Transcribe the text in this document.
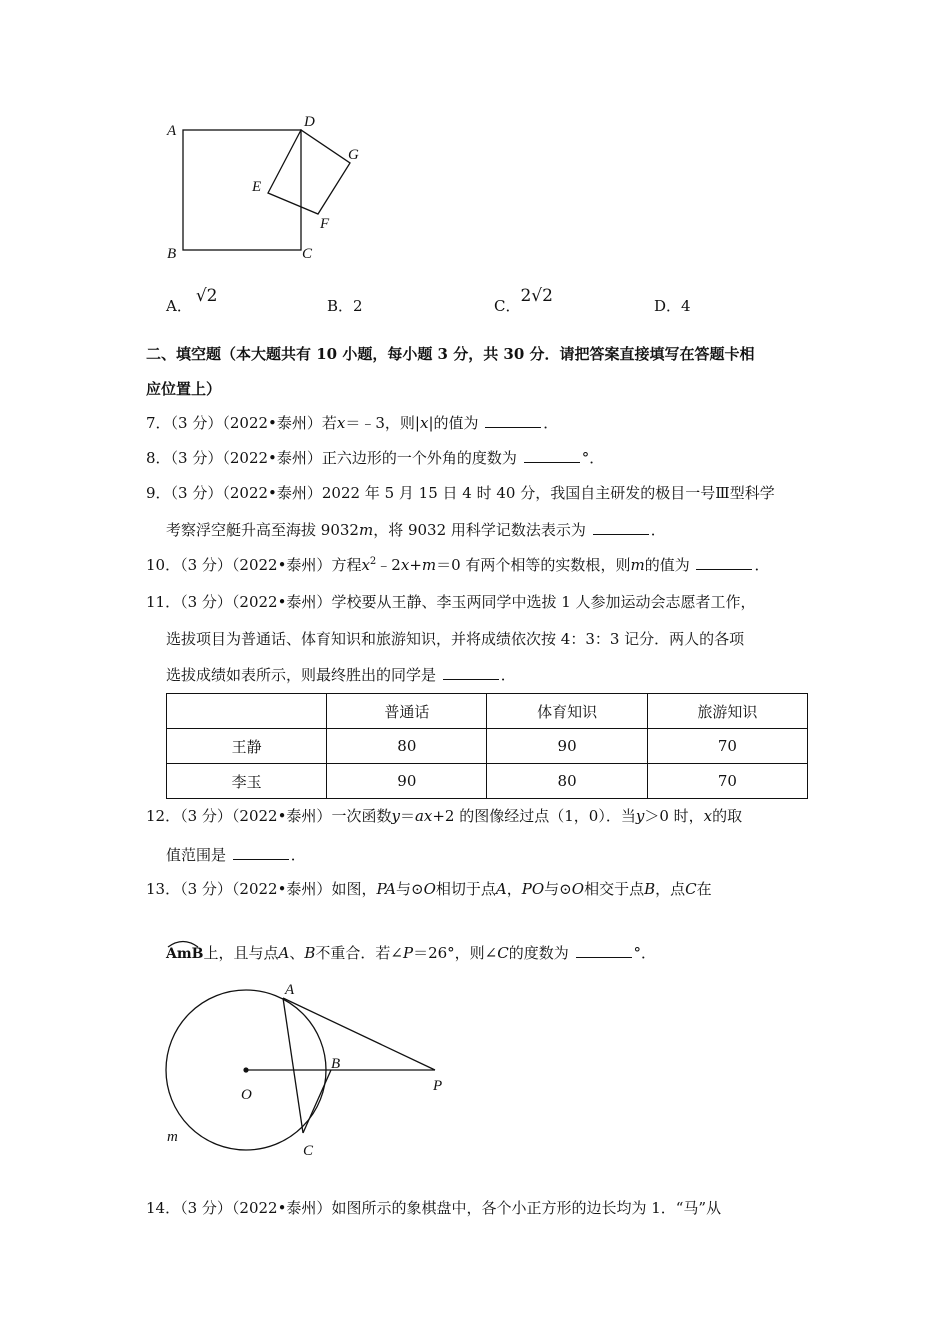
A
D
G
E
F
B	C
A． √2	B．2	C．2√2	D．4
二、填空题（本大题共有 10 小题，每小题 3 分，共 30 分．请把答案直接填写在答题卡相
应位置上）
7．（3 分）（2022•泰州）若x＝﹣3，则|x|的值为	．
8．（3 分）（2022•泰州）正六边形的一个外角的度数为	°．
9．（3 分）（2022•泰州）2022 年 5 月 15 日 4 时 40 分，我国自主研发的极目一号Ⅲ型科学
考察浮空艇升高至海拔 9032m，将 9032 用科学记数法表示为	．
10．（3 分）（2022•泰州）方程$x^2﹣2x+m=0$ 有两个相等的实数根，则m的值为	．
11．（3 分）（2022•泰州）学校要从王静、李玉两同学中选拔 1 人参加运动会志愿者工作，
选拔项目为普通话、体育知识和旅游知识，并将成绩依次按 4：3：3 记分．两人的各项
选拔成绩如表所示，则最终胜出的同学是	．
	普通话	体育知识	旅游知识
王静	80	90	70
李玉	90	80	70
12．（3 分）（2022•泰州）一次函数y＝ax+2 的图像经过点（1，0）．当y＞0 时，x的取
值范围是	．
13．（3 分）（2022•泰州）如图，PA与⊙O相切于点A，PO与⊙O相交于点B，点C在
AmB上，且与点A、B不重合．若∠P＝26°，则∠C的度数为	°．
A
B
O
P
C
m
14．（3 分）（2022•泰州）如图所示的象棋盘中，各个小正方形的边长均为 1．“马”从
